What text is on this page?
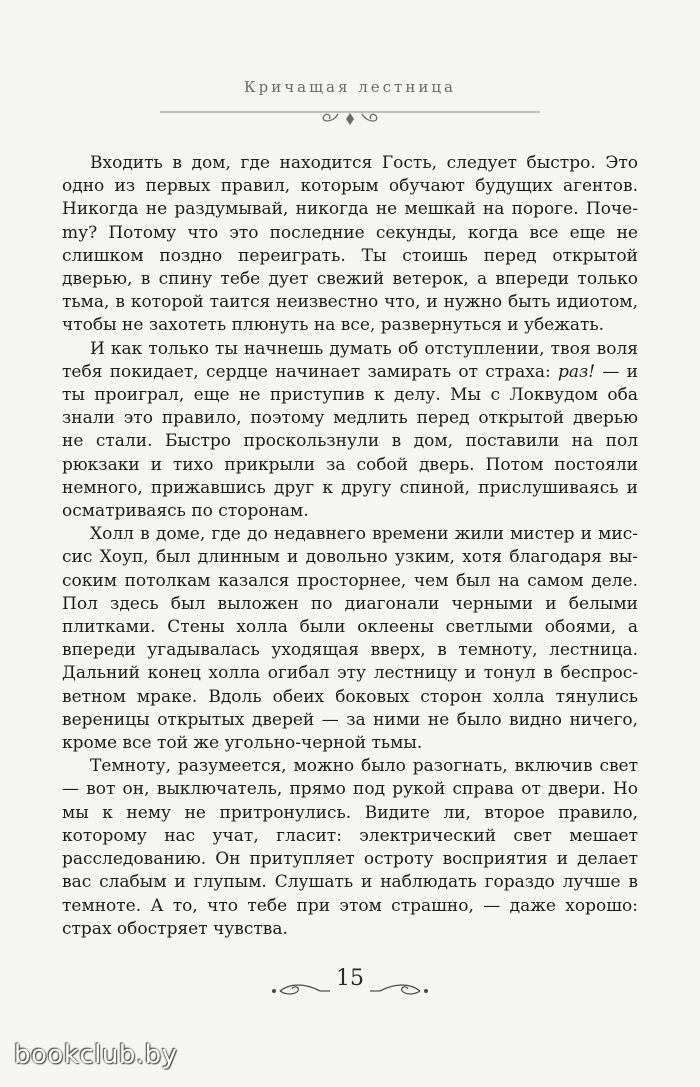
Кричащая лестница

Входить в дом, где находится Гость, следует быстро. Это одно из первых правил, которым обучают будущих агентов. Никогда не раздумывай, никогда не мешкай на пороге. Почеmу? Потому что это последние секунды, когда все еще не слишком поздно переиграть. Ты стоишь перед открытой дверью, в спину тебе дует свежий ветерок, а впереди только тьма, в которой таится неизвестно что, и нужно быть идиотом, чтобы не захотеть плюнуть на все, развернуться и убежать.

И как только ты начнешь думать об отступлении, твоя воля тебя покидает, сердце начинает замирать от страха: раз! — и ты проиграл, еще не приступив к делу. Мы с Локвудом оба знали это правило, поэтому медлить перед открытой дверью не стали. Быстро проскользнули в дом, поставили на пол рюкзаки и тихо прикрыли за собой дверь. Потом постояли немного, прижавшись друг к другу спиной, прислушиваясь и осматриваясь по сторонам.

Холл в доме, где до недавнего времени жили мистер и миссис Хоуп, был длинным и довольно узким, хотя благодаря высоким потолкам казался просторнее, чем был на самом деле. Пол здесь был выложен по диагонали черными и белыми плитками. Стены холла были оклеены светлыми обоями, а впереди угадывалась уходящая вверх, в темноту, лестница. Дальний конец холла огибал эту лестницу и тонул в беспросветном мраке. Вдоль обеих боковых сторон холла тянулись вереницы открытых дверей — за ними не было видно ничего, кроме все той же угольно-черной тьмы.

Темноту, разумеется, можно было разогнать, включив свет — вот он, выключатель, прямо под рукой справа от двери. Но мы к нему не притронулись. Видите ли, второе правило, которому нас учат, гласит: электрический свет мешает расследованию. Он притупляет остроту восприятия и делает вас слабым и глупым. Слушать и наблюдать гораздо лучше в темноте. А то, что тебе при этом страшно, — даже хорошо: страх обостряет чувства.

15
bookclub.by
